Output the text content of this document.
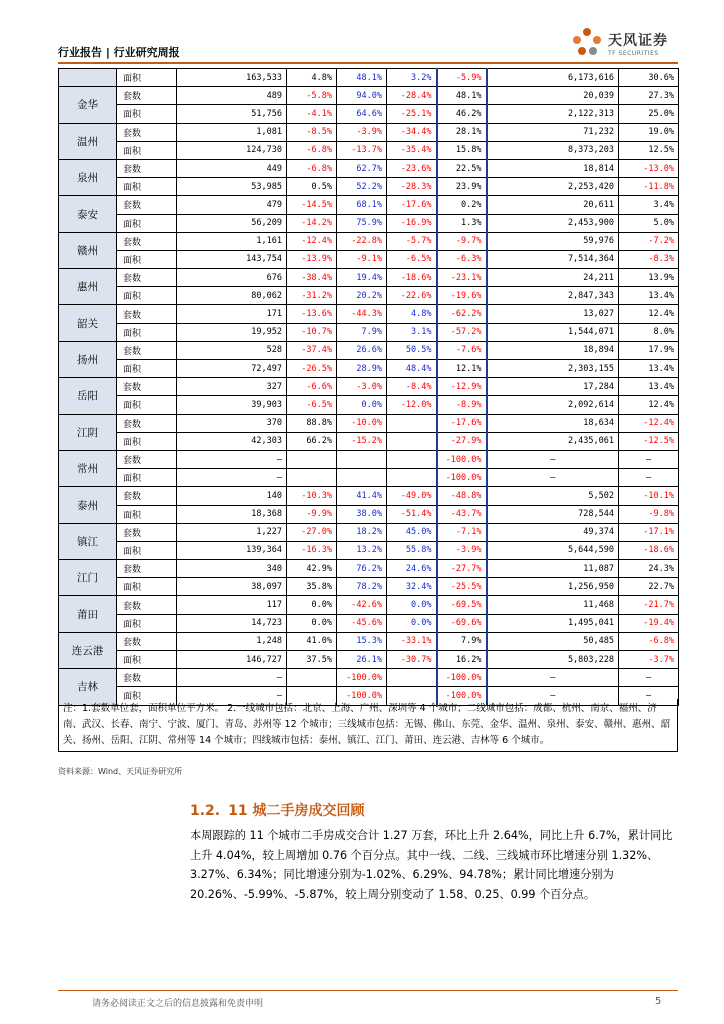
行业报告 | 行业研究周报
天风证券
TF SECURITIES
	面积	163,533	4.8%	48.1%	3.2%	-5.9%	6,173,616	30.6%
金华	套数	489	-5.8%	94.0%	-28.4%	48.1%	20,039	27.3%
	面积	51,756	-4.1%	64.6%	-25.1%	46.2%	2,122,313	25.0%
温州	套数	1,081	-8.5%	-3.9%	-34.4%	28.1%	71,232	19.0%
	面积	124,730	-6.8%	-13.7%	-35.4%	15.8%	8,373,203	12.5%
泉州	套数	449	-6.8%	62.7%	-23.6%	22.5%	18,814	-13.0%
	面积	53,985	0.5%	52.2%	-28.3%	23.9%	2,253,420	-11.8%
泰安	套数	479	-14.5%	68.1%	-17.6%	0.2%	20,611	3.4%
	面积	56,209	-14.2%	75.9%	-16.9%	1.3%	2,453,900	5.0%
赣州	套数	1,161	-12.4%	-22.8%	-5.7%	-9.7%	59,976	-7.2%
	面积	143,754	-13.9%	-9.1%	-6.5%	-6.3%	7,514,364	-8.3%
惠州	套数	676	-38.4%	19.4%	-18.6%	-23.1%	24,211	13.9%
	面积	80,062	-31.2%	20.2%	-22.6%	-19.6%	2,847,343	13.4%
韶关	套数	171	-13.6%	-44.3%	4.8%	-62.2%	13,027	12.4%
	面积	19,952	-10.7%	7.9%	3.1%	-57.2%	1,544,071	8.0%
扬州	套数	528	-37.4%	26.6%	50.5%	-7.6%	18,894	17.9%
	面积	72,497	-26.5%	28.9%	48.4%	12.1%	2,303,155	13.4%
岳阳	套数	327	-6.6%	-3.0%	-8.4%	-12.9%	17,284	13.4%
	面积	39,903	-6.5%	0.0%	-12.0%	-8.9%	2,092,614	12.4%
江阴	套数	370	88.8%	-10.0%		-17.6%	18,634	-12.4%
	面积	42,303	66.2%	-15.2%		-27.9%	2,435,061	-12.5%
常州	套数	–				-100.0%	–	–
	面积	–				-100.0%	–	–
泰州	套数	140	-10.3%	41.4%	-49.0%	-48.8%	5,502	-10.1%
	面积	18,368	-9.9%	38.0%	-51.4%	-43.7%	728,544	-9.8%
镇江	套数	1,227	-27.0%	18.2%	45.0%	-7.1%	49,374	-17.1%
	面积	139,364	-16.3%	13.2%	55.8%	-3.9%	5,644,590	-18.6%
江门	套数	340	42.9%	76.2%	24.6%	-27.7%	11,087	24.3%
	面积	38,097	35.8%	78.2%	32.4%	-25.5%	1,256,950	22.7%
莆田	套数	117	0.0%	-42.6%	0.0%	-69.5%	11,468	-21.7%
	面积	14,723	0.0%	-45.6%	0.0%	-69.6%	1,495,041	-19.4%
连云港	套数	1,248	41.0%	15.3%	-33.1%	7.9%	50,485	-6.8%
	面积	146,727	37.5%	26.1%	-30.7%	16.2%	5,803,228	-3.7%
吉林	套数	–		-100.0%		-100.0%	–	–
	面积	–		-100.0%		-100.0%	–	–
注：1.套数单位套，面积单位平方米。 2.一线城市包括：北京、上海、广州、深圳等 4 个城市；二线城市包括：成都、杭州、南京、福州、济南、武汉、长春、南宁、宁波、厦门、青岛、苏州等 12 个城市；三线城市包括：无锡、佛山、东莞、金华、温州、泉州、泰安、赣州、惠州、韶关、扬州、岳阳、江阴、常州等 14 个城市；四线城市包括：泰州、镇江、江门、莆田、连云港、吉林等 6 个城市。
资料来源：Wind、天风证券研究所
1.2. 11 城二手房成交回顾
本周跟踪的 11 个城市二手房成交合计 1.27 万套，环比上升 2.64%，同比上升 6.7%，累计同比上升 4.04%，较上周增加 0.76 个百分点。其中一线、二线、三线城市环比增速分别 1.32%、3.27%、6.34%；同比增速分别为-1.02%、6.29%、94.78%；累计同比增速分别为 20.26%、-5.99%、-5.87%，较上周分别变动了 1.58、0.25、0.99 个百分点。
请务必阅读正文之后的信息披露和免责申明	5
